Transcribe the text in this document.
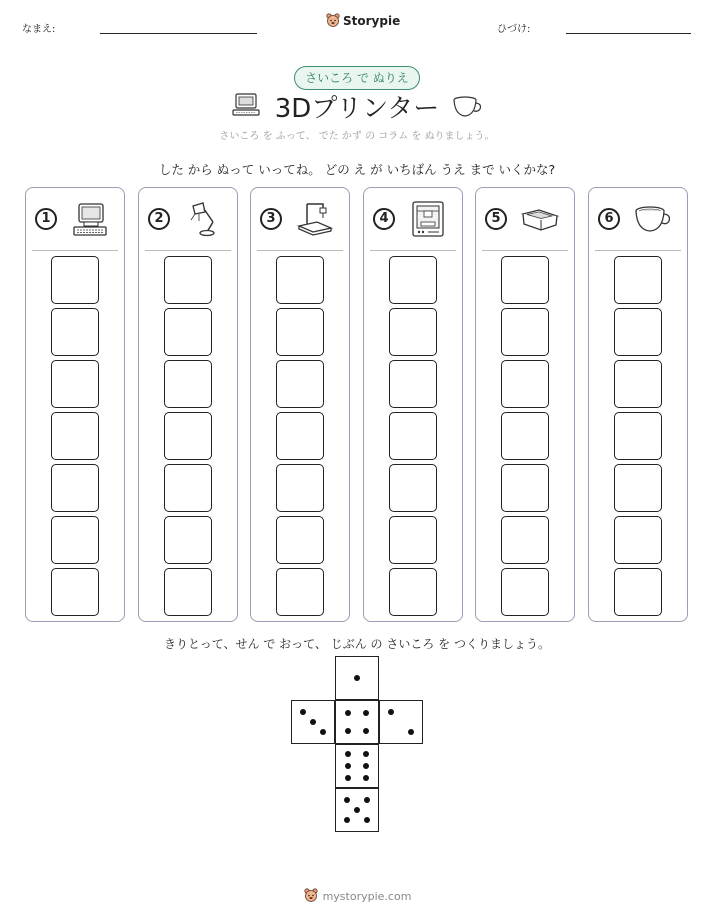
なまえ:
Storypie
ひづけ:
さいころ で ぬりえ
3Dプリンター
さいころ を ふって、 でた かず の コラム を ぬりましょう。
した から ぬって いってね。 どの え が いちばん うえ まで いくかな?
1	2	3	4	5	6
きりとって、せん で おって、 じぶん の さいころ を つくりましょう。
mystorypie.com
